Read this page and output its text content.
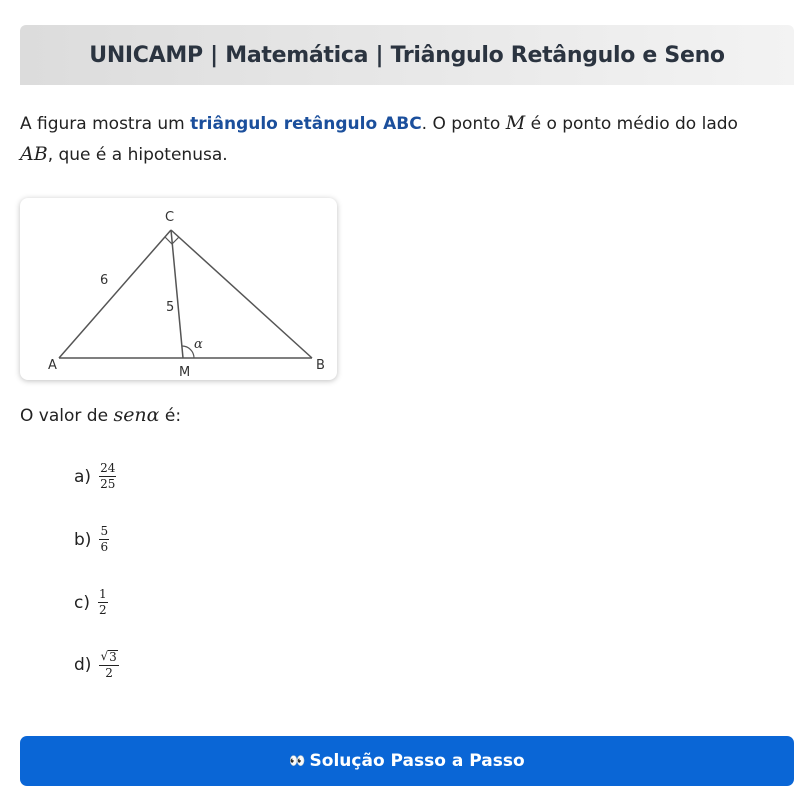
UNICAMP | Matemática | Triângulo Retângulo e Seno
A figura mostra um triângulo retângulo ABC. O ponto M é o ponto médio do lado
AB, que é a hipotenusa.
C
A	B
M
6
5
α
O valor de senα é:
$a) \frac{24}{25}$
$b) \frac{5}{6}$
$c) \frac{1}{2}$
$d) \frac{√ 3}{2}$
👀 Solução Passo a Passo
